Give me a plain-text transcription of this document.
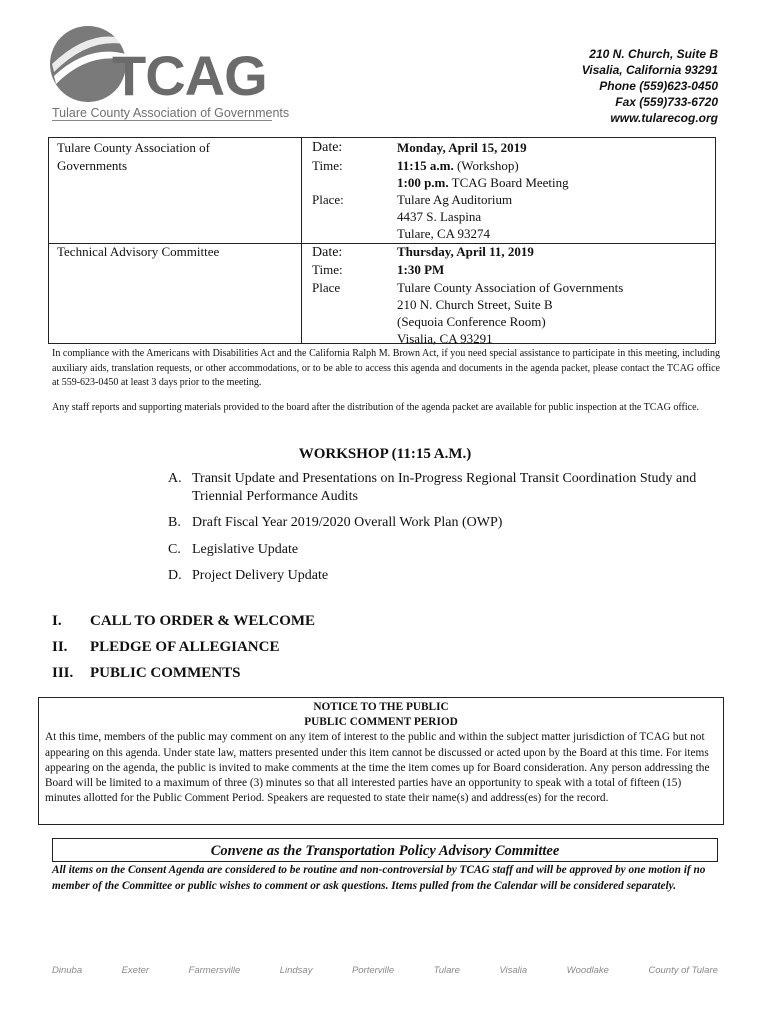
TCAG
Tulare County Association of Governments
210 N. Church, Suite B
Visalia, California 93291
Phone (559)623-0450
Fax (559)733-6720
www.tularecog.org
Tulare County Association of Governments
Date:	Monday, April 15, 2019
Time:	11:15 a.m. (Workshop)
1:00 p.m. TCAG Board Meeting
Place:	Tulare Ag Auditorium
4437 S. Laspina
Tulare, CA 93274
Technical Advisory Committee	Date:	Thursday, April 11, 2019
Time:	1:30 PM
Place	Tulare County Association of Governments
210 N. Church Street, Suite B
(Sequoia Conference Room)
Visalia, CA 93291
In compliance with the Americans with Disabilities Act and the California Ralph M. Brown Act, if you need special assistance to participate in this meeting, including auxiliary aids, translation requests, or other accommodations, or to be able to access this agenda and documents in the agenda packet, please contact the TCAG office at 559-623-0450 at least 3 days prior to the meeting.
Any staff reports and supporting materials provided to the board after the distribution of the agenda packet are available for public inspection at the TCAG office.
WORKSHOP (11:15 A.M.)
A. Transit Update and Presentations on In-Progress Regional Transit Coordination Study and Triennial Performance Audits
B. Draft Fiscal Year 2019/2020 Overall Work Plan (OWP)
C. Legislative Update
D. Project Delivery Update
I.	CALL TO ORDER & WELCOME
II.	PLEDGE OF ALLEGIANCE
III.	PUBLIC COMMENTS
NOTICE TO THE PUBLIC
PUBLIC COMMENT PERIOD
At this time, members of the public may comment on any item of interest to the public and within the subject matter jurisdiction of TCAG but not appearing on this agenda. Under state law, matters presented under this item cannot be discussed or acted upon by the Board at this time. For items appearing on the agenda, the public is invited to make comments at the time the item comes up for Board consideration. Any person addressing the Board will be limited to a maximum of three (3) minutes so that all interested parties have an opportunity to speak with a total of fifteen (15) minutes allotted for the Public Comment Period. Speakers are requested to state their name(s) and address(es) for the record.
Convene as the Transportation Policy Advisory Committee
All items on the Consent Agenda are considered to be routine and non-controversial by TCAG staff and will be approved by one motion if no member of the Committee or public wishes to comment or ask questions. Items pulled from the Calendar will be considered separately.
Dinuba	Exeter	Farmersville	Lindsay	Porterville	Tulare	Visalia	Woodlake	County of Tulare
